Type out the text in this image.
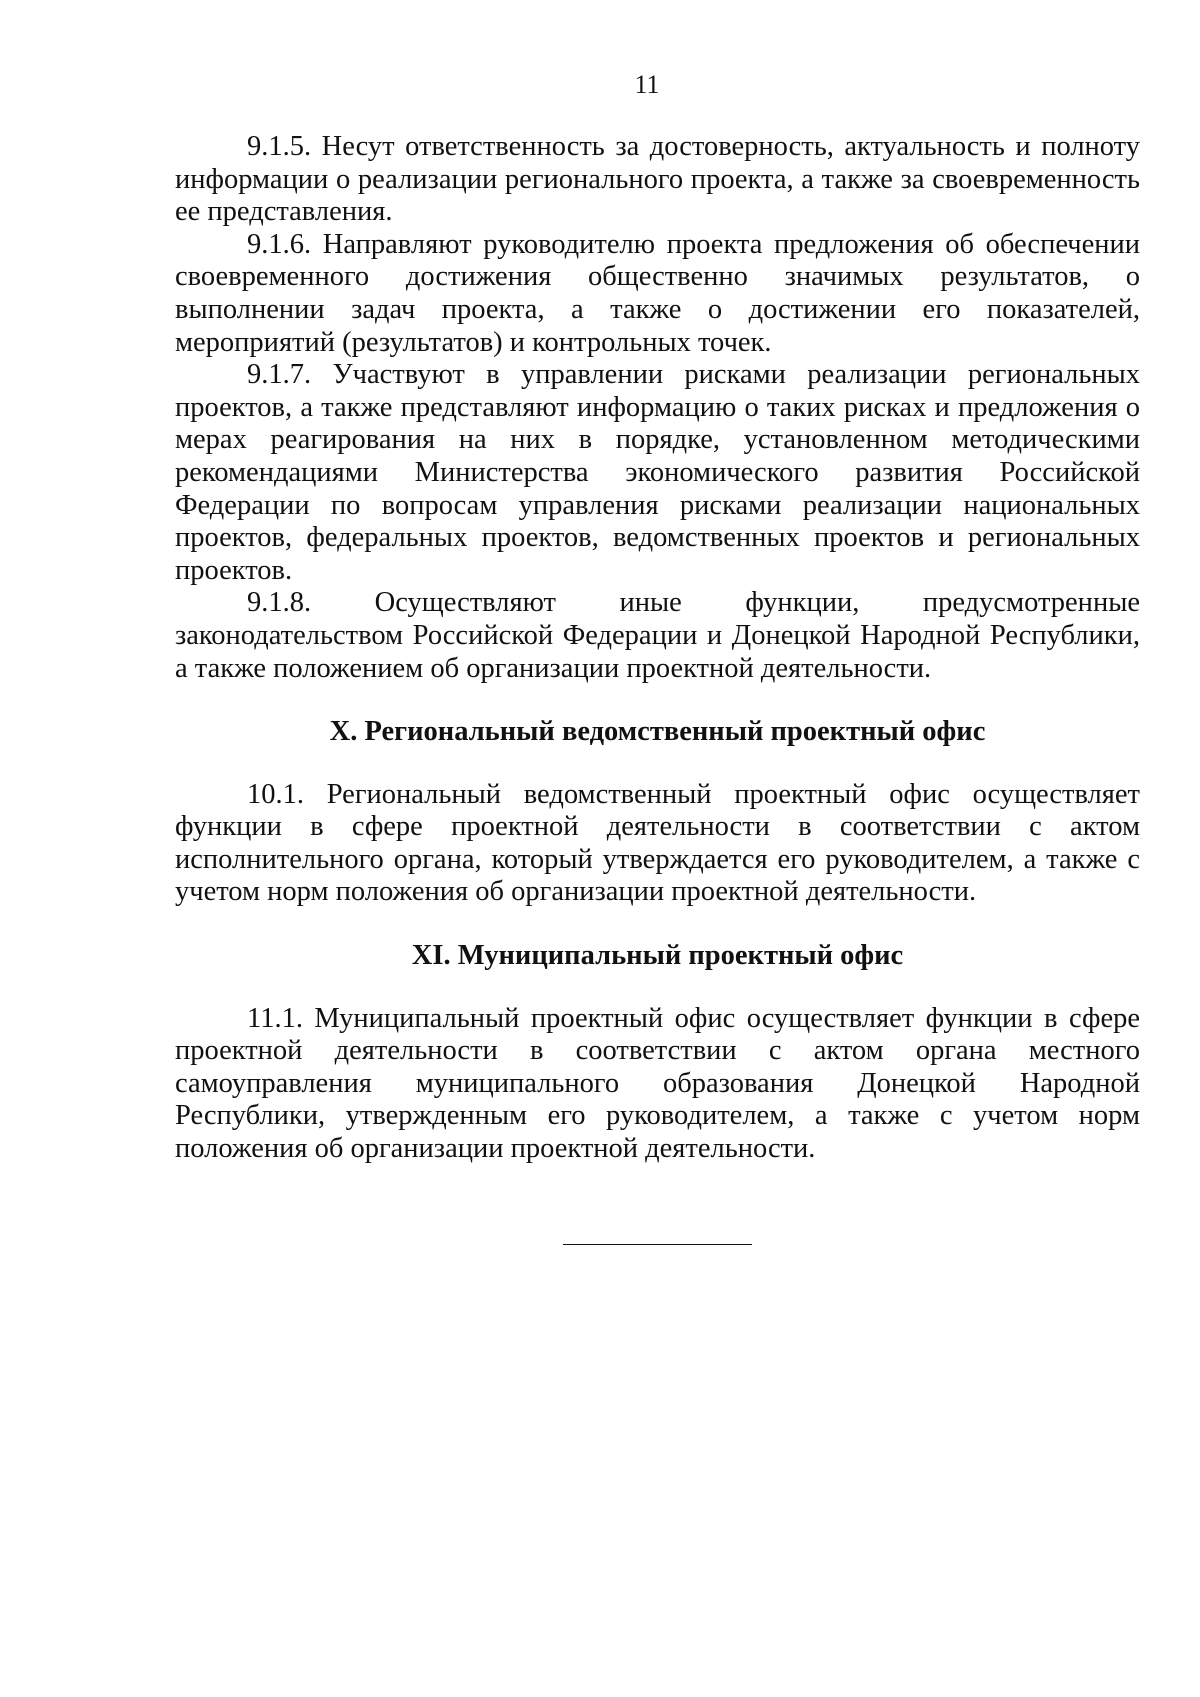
11

9.1.5. Несут ответственность за достоверность, актуальность и полноту информации о реализации регионального проекта, а также за своевременность ее представления.

9.1.6. Направляют руководителю проекта предложения об обеспечении своевременного достижения общественно значимых результатов, о выполнении задач проекта, а также о достижении его показателей, мероприятий (результатов) и контрольных точек.

9.1.7. Участвуют в управлении рисками реализации региональных проектов, а также представляют информацию о таких рисках и предложения о мерах реагирования на них в порядке, установленном методическими рекомендациями Министерства экономического развития Российской Федерации по вопросам управления рисками реализации национальных проектов, федеральных проектов, ведомственных проектов и региональных проектов.

9.1.8. Осуществляют иные функции, предусмотренные законодательством Российской Федерации и Донецкой Народной Республики, а также положением об организации проектной деятельности.

X. Региональный ведомственный проектный офис

10.1. Региональный ведомственный проектный офис осуществляет функции в сфере проектной деятельности в соответствии с актом исполнительного органа, который утверждается его руководителем, а также с учетом норм положения об организации проектной деятельности.

XI. Муниципальный проектный офис

11.1. Муниципальный проектный офис осуществляет функции в сфере проектной деятельности в соответствии с актом органа местного самоуправления муниципального образования Донецкой Народной Республики, утвержденным его руководителем, а также с учетом норм положения об организации проектной деятельности.
